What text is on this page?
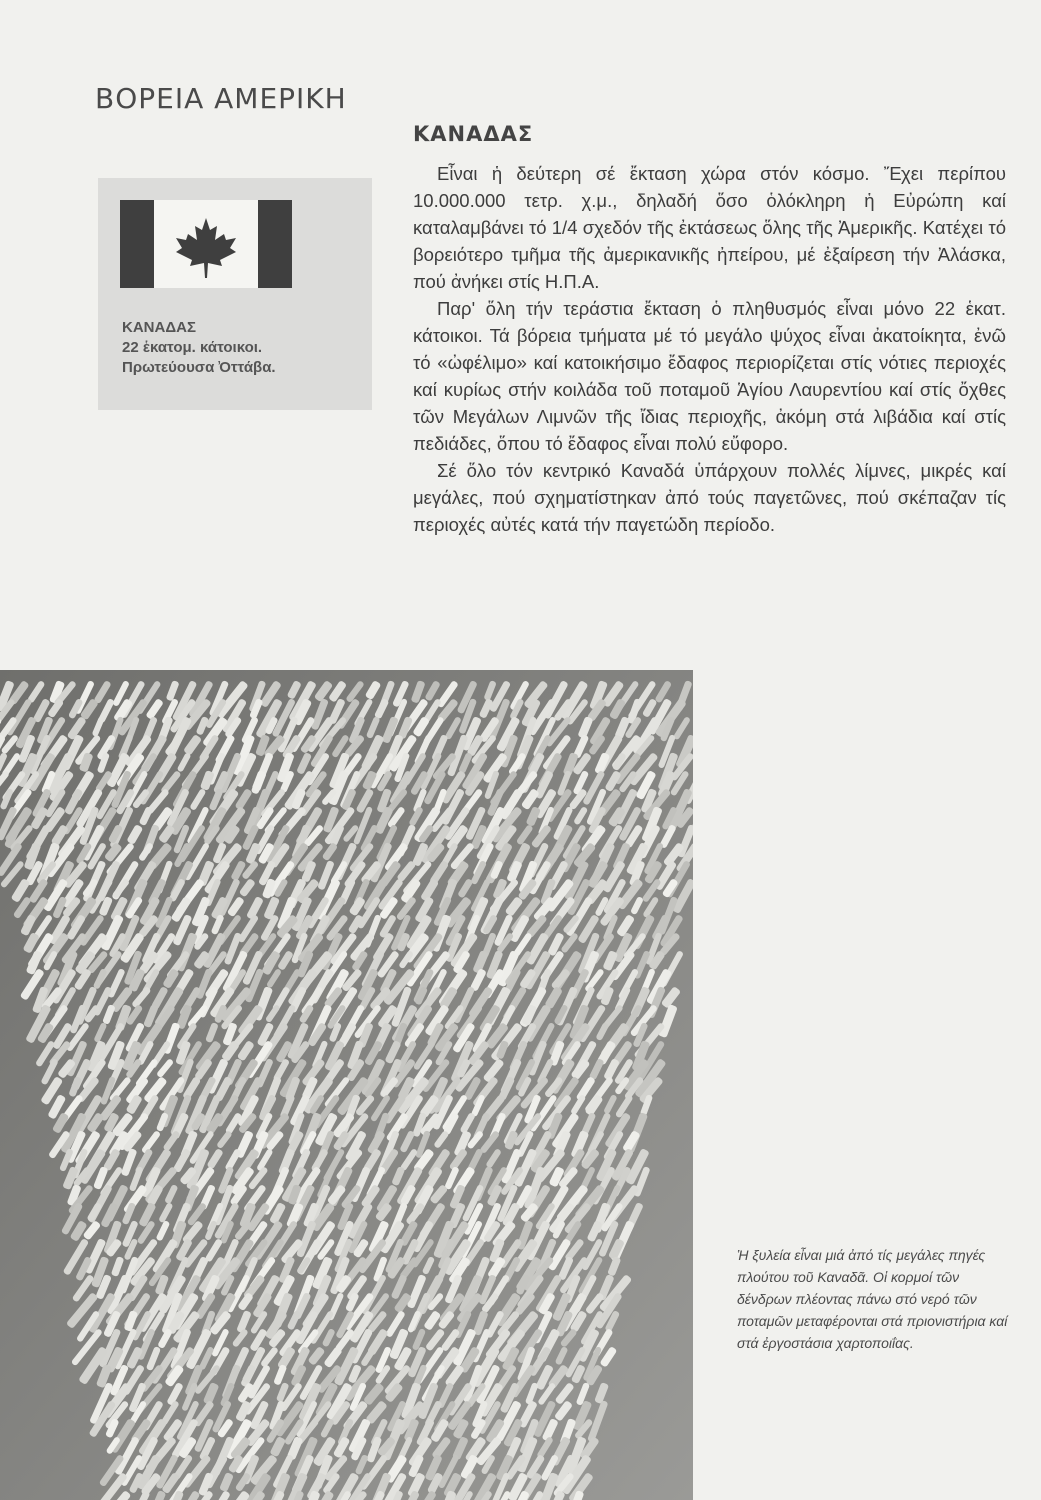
ΒΟΡΕΙΑ ΑΜΕΡΙΚΗ
ΚΑΝΑΔΑΣ
22 ἑκατομ. κάτοικοι.
Πρωτεύουσα Ὀττάβα.
ΚΑΝΑΔΑΣ

Εἶναι ἡ δεύτερη σέ ἔκταση χώρα στόν κόσμο. Ἔχει περίπου 10.000.000 τετρ. χ.μ., δηλαδή ὅσο ὁλόκληρη ἡ Εὐρώπη καί καταλαμβάνει τό 1/4 σχεδόν τῆς ἐκτάσεως ὅλης τῆς Ἀμερικῆς. Κατέχει τό βορειότερο τμῆμα τῆς ἀμερικανικῆς ἠπείρου, μέ ἐξαίρεση τήν Ἀλάσκα, πού ἀνήκει στίς Η.Π.Α.

Παρ' ὅλη τήν τεράστια ἔκταση ὁ πληθυσμός εἶναι μόνο 22 ἑκατ. κάτοικοι. Τά βόρεια τμήματα μέ τό μεγάλο ψύχος εἶναι ἀκατοίκητα, ἐνῶ τό «ὠφέλιμο» καί κατοικήσιμο ἔδαφος περιορίζεται στίς νότιες περιοχές καί κυρίως στήν κοιλάδα τοῦ ποταμοῦ Ἁγίου Λαυρεντίου καί στίς ὄχθες τῶν Μεγάλων Λιμνῶν τῆς ἴδιας περιοχῆς, ἀκόμη στά λιβάδια καί στίς πεδιάδες, ὅπου τό ἔδαφος εἶναι πολύ εὔφορο.

Σέ ὅλο τόν κεντρικό Καναδά ὑπάρχουν πολλές λίμνες, μικρές καί μεγάλες, πού σχηματίστηκαν ἀπό τούς παγετῶνες, πού σκέπαζαν τίς περιοχές αὐτές κατά τήν παγετώδη περίοδο.

Ἡ ξυλεία εἶναι μιά ἀπό τίς μεγάλες πηγές πλούτου τοῦ Καναδᾶ. Οἱ κορμοί τῶν δένδρων πλέοντας πάνω στό νερό τῶν ποταμῶν μεταφέρονται στά πριονιστήρια καί στά ἐργοστάσια χαρτοποιΐας.
